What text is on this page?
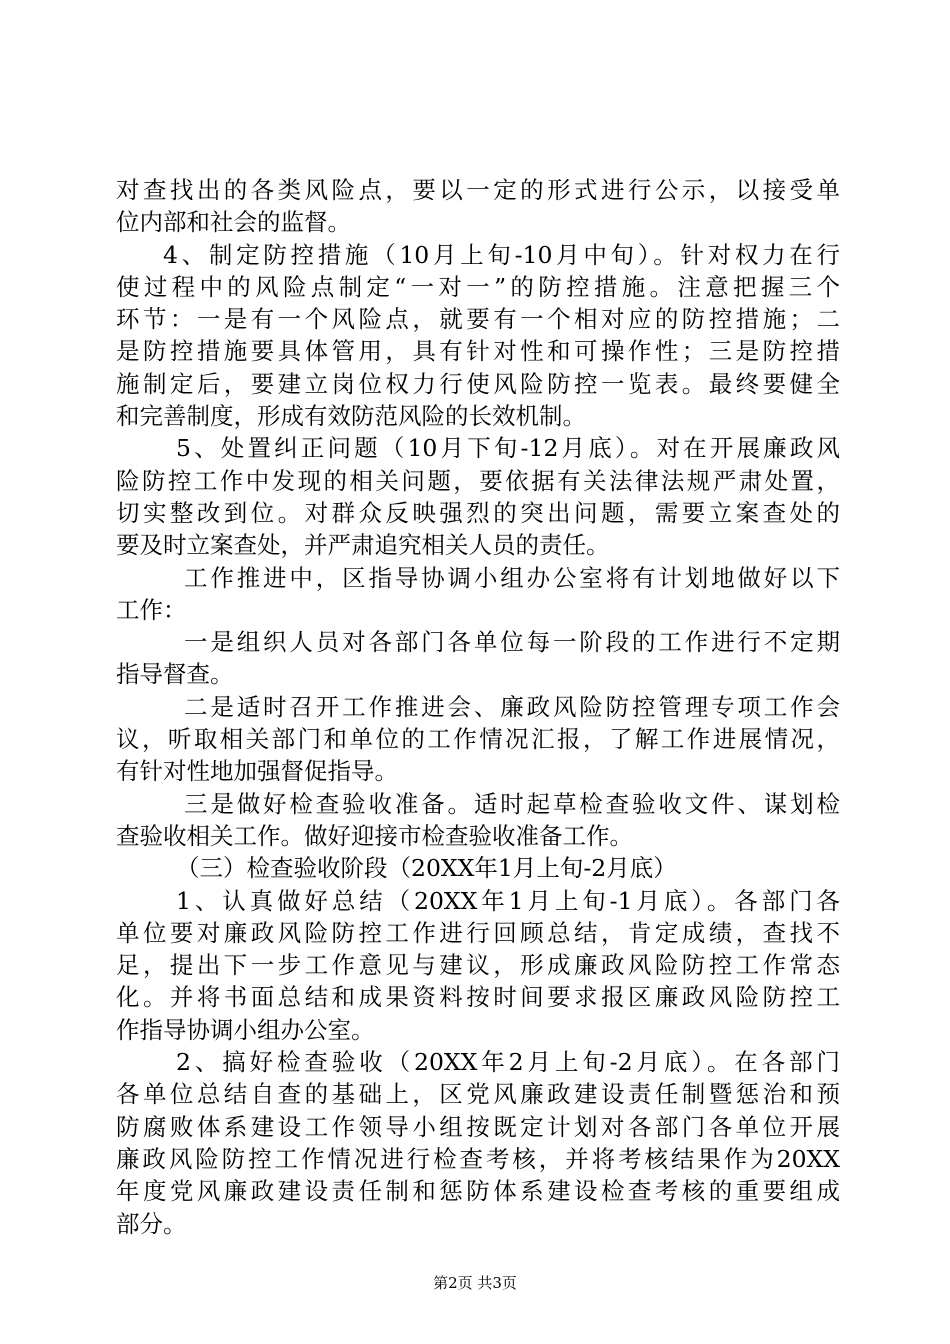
对查找出的各类风险点，要以一定的形式进行公示，以接受单
位内部和社会的监督。
4、制定防控措施（10月上旬-10月中旬）。针对权力在行
使过程中的风险点制定“一对一”的防控措施。注意把握三个
环节：一是有一个风险点，就要有一个相对应的防控措施；二
是防控措施要具体管用，具有针对性和可操作性；三是防控措
施制定后，要建立岗位权力行使风险防控一览表。最终要健全
和完善制度，形成有效防范风险的长效机制。
5、处置纠正问题（10月下旬-12月底）。对在开展廉政风
险防控工作中发现的相关问题，要依据有关法律法规严肃处置，
切实整改到位。对群众反映强烈的突出问题，需要立案查处的
要及时立案查处，并严肃追究相关人员的责任。
工作推进中，区指导协调小组办公室将有计划地做好以下
工作：
一是组织人员对各部门各单位每一阶段的工作进行不定期
指导督查。
二是适时召开工作推进会、廉政风险防控管理专项工作会
议，听取相关部门和单位的工作情况汇报，了解工作进展情况，
有针对性地加强督促指导。
三是做好检查验收准备。适时起草检查验收文件、谋划检
查验收相关工作。做好迎接市检查验收准备工作。
（三）检查验收阶段（20XX年1月上旬-2月底）
1、认真做好总结（20XX年1月上旬-1月底）。各部门各
单位要对廉政风险防控工作进行回顾总结，肯定成绩，查找不
足，提出下一步工作意见与建议，形成廉政风险防控工作常态
化。并将书面总结和成果资料按时间要求报区廉政风险防控工
作指导协调小组办公室。
2、搞好检查验收（20XX年2月上旬-2月底）。在各部门
各单位总结自查的基础上，区党风廉政建设责任制暨惩治和预
防腐败体系建设工作领导小组按既定计划对各部门各单位开展
廉政风险防控工作情况进行检查考核，并将考核结果作为20XX
年度党风廉政建设责任制和惩防体系建设检查考核的重要组成
部分。
第2页 共3页
